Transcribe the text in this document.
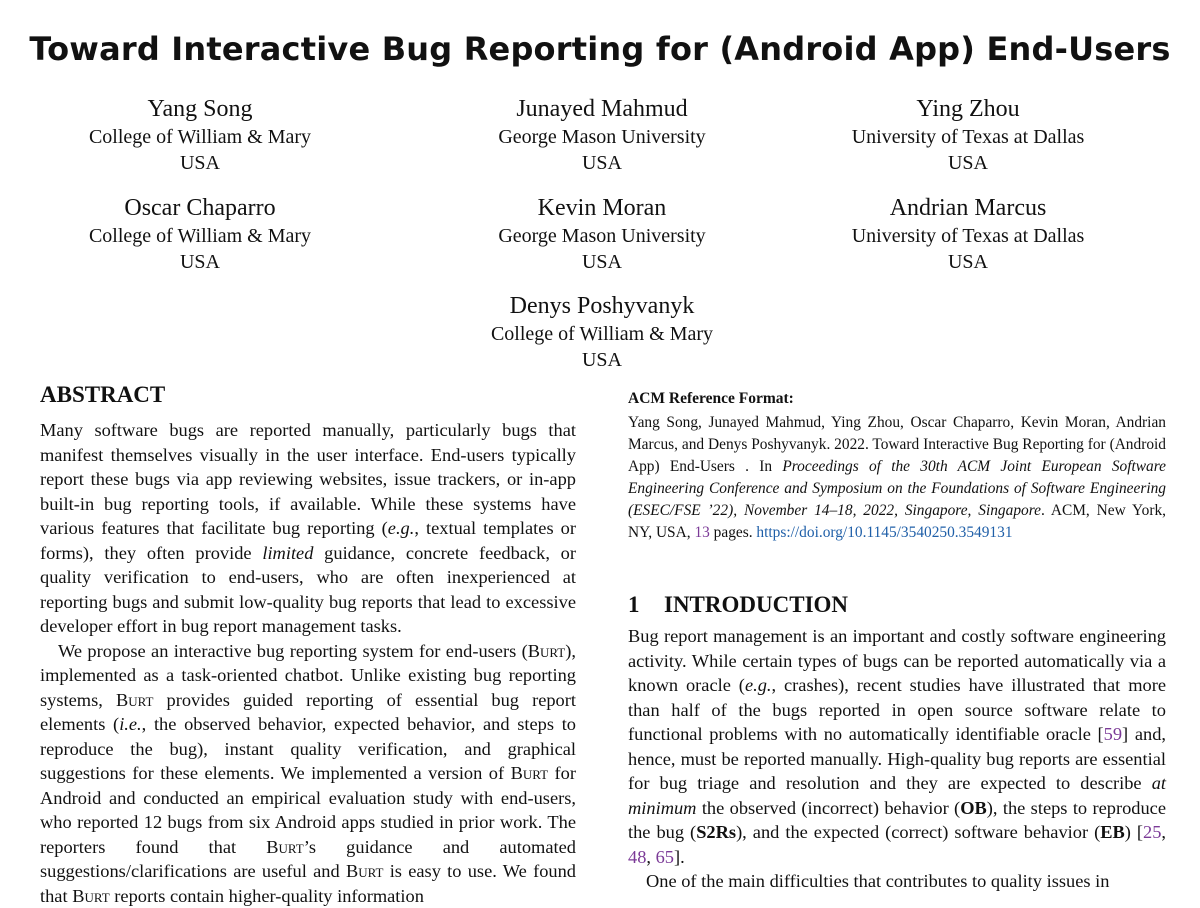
Toward Interactive Bug Reporting for (Android App) End-Users
Yang Song
College of William & Mary
USA
Junayed Mahmud
George Mason University
USA
Ying Zhou
University of Texas at Dallas
USA
Oscar Chaparro
College of William & Mary
USA
Kevin Moran
George Mason University
USA
Andrian Marcus
University of Texas at Dallas
USA
Denys Poshyvanyk
College of William & Mary
USA
ABSTRACT

Many software bugs are reported manually, particularly bugs that manifest themselves visually in the user interface. End-users typically report these bugs via app reviewing websites, issue trackers, or in-app built-in bug reporting tools, if available. While these systems have various features that facilitate bug reporting (e.g., textual templates or forms), they often provide limited guidance, concrete feedback, or quality verification to end-users, who are often inexperienced at reporting bugs and submit low-quality bug reports that lead to excessive developer effort in bug report management tasks.

We propose an interactive bug reporting system for end-users (Burt), implemented as a task-oriented chatbot. Unlike existing bug reporting systems, Burt provides guided reporting of essential bug report elements (i.e., the observed behavior, expected behavior, and steps to reproduce the bug), instant quality verification, and graphical suggestions for these elements. We implemented a version of Burt for Android and conducted an empirical evaluation study with end-users, who reported 12 bugs from six Android apps studied in prior work. The reporters found that Burt’s guidance and automated suggestions/clarifications are useful and Burt is easy to use. We found that Burt reports contain higher-quality information

ACM Reference Format:

Yang Song, Junayed Mahmud, Ying Zhou, Oscar Chaparro, Kevin Moran, Andrian Marcus, and Denys Poshyvanyk. 2022. Toward Interactive Bug Reporting for (Android App) End-Users . In Proceedings of the 30th ACM Joint European Software Engineering Conference and Symposium on the Foundations of Software Engineering (ESEC/FSE ’22), November 14–18, 2022, Singapore, Singapore. ACM, New York, NY, USA, 13 pages. https://doi.org/10.1145/3540250.3549131

1 INTRODUCTION

Bug report management is an important and costly software engineering activity. While certain types of bugs can be reported automatically via a known oracle (e.g., crashes), recent studies have illustrated that more than half of the bugs reported in open source software relate to functional problems with no automatically identifiable oracle [59] and, hence, must be reported manually. High-quality bug reports are essential for bug triage and resolution and they are expected to describe at minimum the observed (incorrect) behavior (OB), the steps to reproduce the bug (S2Rs), and the expected (correct) software behavior (EB) [25, 48, 65].

One of the main difficulties that contributes to quality issues in
